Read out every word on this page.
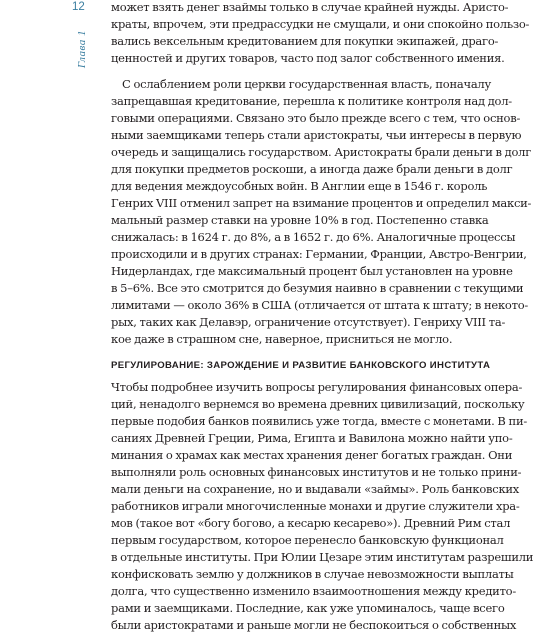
12
Глава 1
может взять денег взаймы только в случае крайней нужды. Аристо-
краты, впрочем, эти предрассудки не смущали, и они спокойно пользо-
вались вексельным кредитованием для покупки экипажей, драго-
ценностей и других товаров, часто под залог собственного имения.
С ослаблением роли церкви государственная власть, поначалу
запрещавшая кредитование, перешла к политике контроля над дол-
говыми операциями. Связано это было прежде всего с тем, что основ-
ными заемщиками теперь стали аристократы, чьи интересы в первую
очередь и защищались государством. Аристократы брали деньги в долг
для покупки предметов роскоши, а иногда даже брали деньги в долг
для ведения междоусобных войн. В Англии еще в 1546 г. король
Генрих VIII отменил запрет на взимание процентов и определил макси-
мальный размер ставки на уровне 10% в год. Постепенно ставка
снижалась: в 1624 г. до 8%, а в 1652 г. до 6%. Аналогичные процессы
происходили и в других странах: Германии, Франции, Австро-Венгрии,
Нидерландах, где максимальный процент был установлен на уровне
в 5–6%. Все это смотрится до безумия наивно в сравнении с текущими
лимитами — около 36% в США (отличается от штата к штату; в некото-
рых, таких как Делавэр, ограничение отсутствует). Генриху VIII та-
кое даже в страшном сне, наверное, присниться не могло.
РЕГУЛИРОВАНИЕ: ЗАРОЖДЕНИЕ И РАЗВИТИЕ БАНКОВСКОГО ИНСТИТУТА
Чтобы подробнее изучить вопросы регулирования финансовых опера-
ций, ненадолго вернемся во времена древних цивилизаций, поскольку
первые подобия банков появились уже тогда, вместе с монетами. В пи-
саниях Древней Греции, Рима, Египта и Вавилона можно найти упо-
минания о храмах как местах хранения денег богатых граждан. Они
выполняли роль основных финансовых институтов и не только прини-
мали деньги на сохранение, но и выдавали «займы». Роль банковских
работников играли многочисленные монахи и другие служители хра-
мов (такое вот «богу богово, а кесарю кесарево»). Древний Рим стал
первым государством, которое перенесло банковскую функционал
в отдельные институты. При Юлии Цезаре этим институтам разрешили
конфисковать землю у должников в случае невозможности выплаты
долга, что существенно изменило взаимоотношения между кредито-
рами и заемщиками. Последние, как уже упоминалось, чаще всего
были аристократами и раньше могли не беспокоиться о собственных
